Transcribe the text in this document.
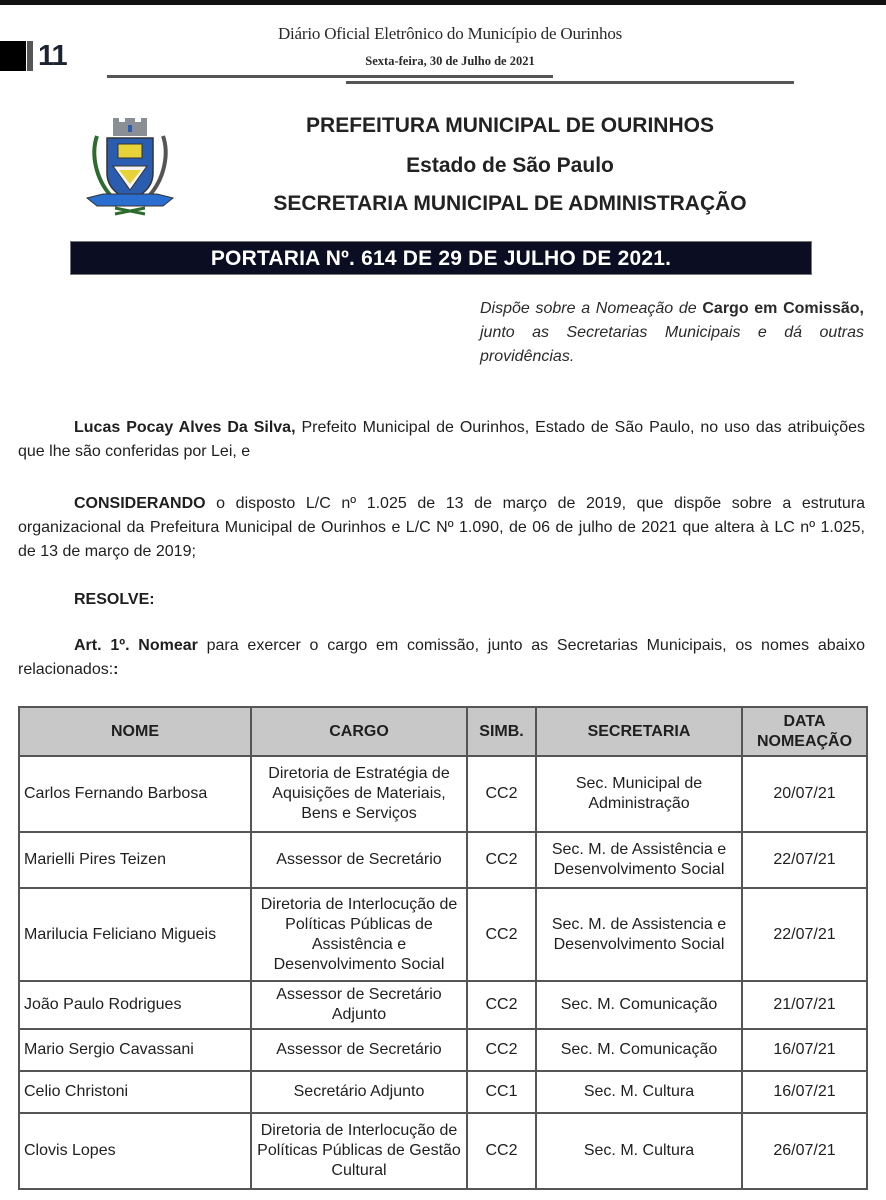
11
Diário Oficial Eletrônico do Município de Ourinhos
Sexta-feira, 30 de Julho de 2021
PREFEITURA MUNICIPAL DE OURINHOS
Estado de São Paulo
SECRETARIA MUNICIPAL DE ADMINISTRAÇÃO
PORTARIA Nº. 614 DE 29 DE JULHO DE 2021.
Dispõe sobre a Nomeação de Cargo em Comissão, junto as Secretarias Municipais e dá outras providências.
Lucas Pocay Alves Da Silva, Prefeito Municipal de Ourinhos, Estado de São Paulo, no uso das atribuições que lhe são conferidas por Lei, e
CONSIDERANDO o disposto L/C nº 1.025 de 13 de março de 2019, que dispõe sobre a estrutura organizacional da Prefeitura Municipal de Ourinhos e L/C Nº 1.090, de 06 de julho de 2021 que altera à LC nº 1.025, de 13 de março de 2019;
RESOLVE:
Art. 1º. Nomear para exercer o cargo em comissão, junto as Secretarias Municipais, os nomes abaixo relacionados::
NOME	CARGO	SIMB.	SECRETARIA	DATA
NOMEAÇÃO
Carlos Fernando Barbosa	Diretoria de Estratégia de Aquisições de Materiais, Bens e Serviços	CC2	Sec. Municipal de Administração	20/07/21
Marielli Pires Teizen	Assessor de Secretário	CC2	Sec. M. de Assistência e Desenvolvimento Social	22/07/21
Marilucia Feliciano Migueis	Diretoria de Interlocução de Políticas Públicas de Assistência e Desenvolvimento Social	CC2	Sec. M. de Assistencia e Desenvolvimento Social	22/07/21
João Paulo Rodrigues	Assessor de Secretário Adjunto	CC2	Sec. M. Comunicação	21/07/21
Mario Sergio Cavassani	Assessor de Secretário	CC2	Sec. M. Comunicação	16/07/21
Celio Christoni	Secretário Adjunto	CC1	Sec. M. Cultura	16/07/21
Clovis Lopes	Diretoria de Interlocução de Políticas Públicas de Gestão Cultural	CC2	Sec. M. Cultura	26/07/21
